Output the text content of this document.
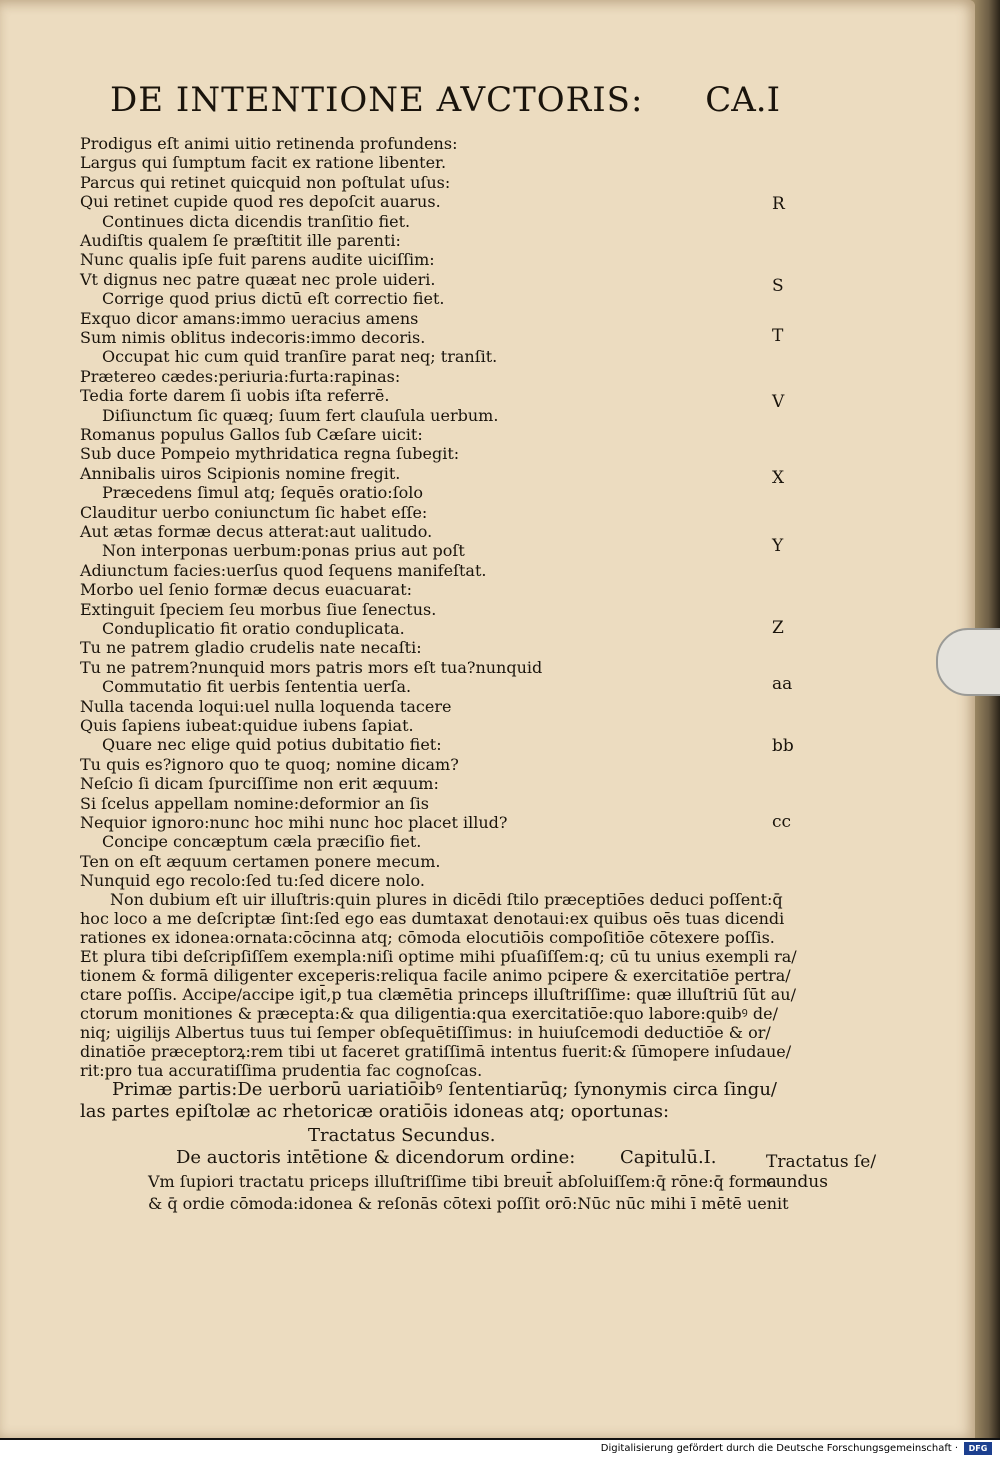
DE INTENTIONE AVCTORIS: CA.I
Prodigus eſt animi uitio retinenda profundens:
Largus qui ſumptum facit ex ratione libenter.
Parcus qui retinet quicquid non poſtulat uſus:
Qui retinet cupide quod res depoſcit auarus.
Continues dicta dicendis tranſitio fiet.
Audiſtis qualem ſe præſtitit ille parenti:
Nunc qualis ipſe fuit parens audite uiciſſim:
Vt dignus nec patre quæat nec prole uideri.
Corrige quod prius dictū eſt correctio fiet.
Exquo dicor amans:immo ueracius amens
Sum nimis oblitus indecoris:immo decoris.
Occupat hic cum quid tranſire parat neq; tranſit.
Prætereo cædes:periuria:furta:rapinas:
Tedia forte darem ſi uobis iſta referrē.
Diſiunctum ſic quæq; ſuum fert clauſula uerbum.
Romanus populus Gallos ſub Cæſare uicit:
Sub duce Pompeio mythridatica regna ſubegit:
Annibalis uiros Scipionis nomine fregit.
Præcedens ſimul atq; ſequēs oratio:ſolo
Clauditur uerbo coniunctum ſic habet eſſe:
Aut ætas formæ decus atterat:aut ualitudo.
Non interponas uerbum:ponas prius aut poſt
Adiunctum facies:uerſus quod ſequens manifeſtat.
Morbo uel ſenio formæ decus euacuarat:
Extinguit ſpeciem ſeu morbus ſiue ſenectus.
Conduplicatio fit oratio conduplicata.
Tu ne patrem gladio crudelis nate necaſti:
Tu ne patrem?nunquid mors patris mors eſt tua?nunquid
Commutatio fit uerbis ſententia uerſa.
Nulla tacenda loqui:uel nulla loquenda tacere
Quis ſapiens iubeat:quidue iubens ſapiat.
Quare nec elige quid potius dubitatio fiet:
Tu quis es?ignoro quo te quoq; nomine dicam?
Neſcio ſi dicam ſpurciſſime non erit æquum:
Si ſcelus appellam nomine:deformior an ſis
Nequior ignoro:nunc hoc mihi nunc hoc placet illud?
Concipe concæptum cæla præciſio fiet.
Ten on eſt æquum certamen ponere mecum.
Nunquid ego recolo:ſed tu:ſed dicere nolo.
Non dubium eſt uir illuſtris:quin plures in dicēdi ſtilo præceptiōes deduci poſſent:q̄
hoc loco a me deſcriptæ ſint:ſed ego eas dumtaxat denotaui:ex quibus oēs tuas dicendi
rationes ex idonea:ornata:cōcinna atq; cōmoda elocutiōis compoſitiōe cōtexere poſſis.
Et plura tibi deſcripſiſſem exempla:niſi optime mihi pſuaſiſſem:q; cū tu unius exempli ra/
tionem & formā diligenter exceperis:reliqua facile animo pcipere & exercitatiōe pertra/
ctare poſſis. Accipe/accipe igit̄,p tua clæmētia princeps illuſtriſſime: quæ illuſtriū ſūt au/
ctorum monitiones & præcepta:& qua diligentia:qua exercitatiōe:quo labore:quibꝰ de/
niq; uigilijs Albertus tuus tui ſemper obſequētiſſimus: in huiuſcemodi deductiōe & or/
dinatiōe præceptorꝝ:rem tibi ut faceret gratiſſimā intentus fuerit:& ſūmopere inſudaue/
rit:pro tua accuratiſſima prudentia fac cognoſcas.
Primæ partis:De uerborū uariatiōibꝰ ſententiarūq; ſynonymis circa ſingu/
las partes epiſtolæ ac rhetoricæ oratiōis idoneas atq; oportunas:
Tractatus Secundus.
De auctoris intētione & dicendorum ordine: Capitulū.I.
Vm ſupiori tractatu priceps illuſtriſſime tibi breuit̄ abſoluiſſem:q̄ rōne:q̄ forma
& q̄ ordie cōmoda:idonea & reſonās cōtexi poſſit orō:Nūc nūc mihi ī mētē uenit
R
S
T
V
X
Y
Z
aa
bb
cc
Tractatus ſe/
cundus
Digitalisierung gefördert durch die Deutsche Forschungsgemeinschaft ·	DFG
